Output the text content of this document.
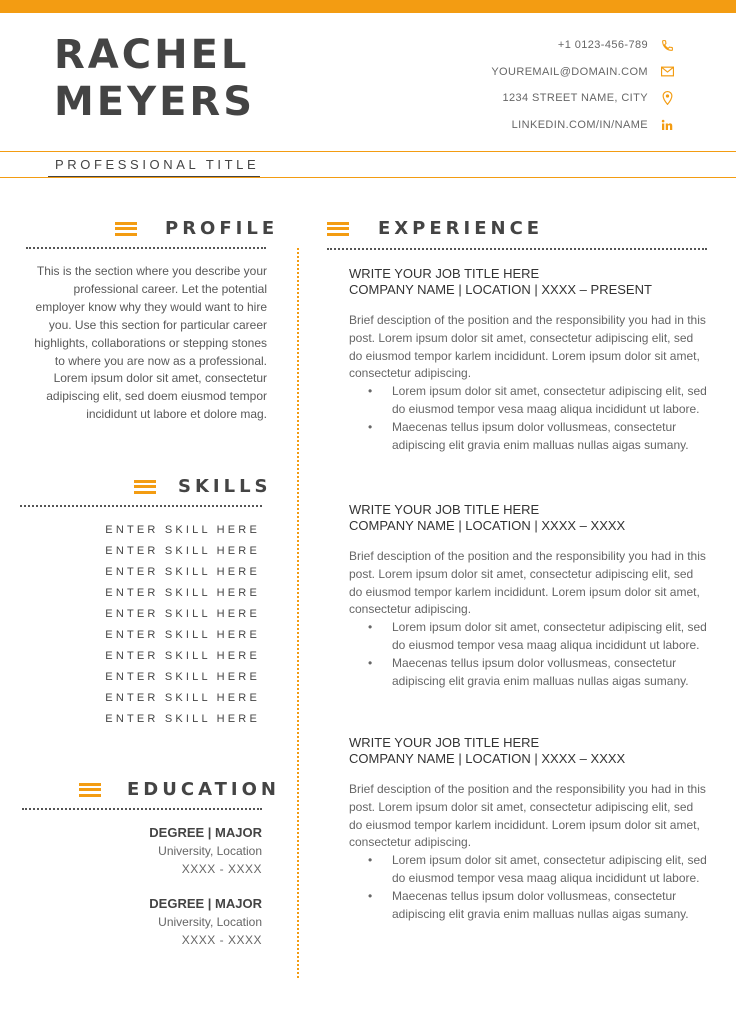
RACHEL
MEYERS
+1 0123-456-789
YOUREMAIL@DOMAIN.COM
1234 STREET NAME, CITY
LINKEDIN.COM/IN/NAME
PROFESSIONAL TITLE
PROFILE
This is the section where you describe your professional career. Let the potential employer know why they would want to hire you. Use this section for particular career highlights, collaborations or stepping stones to where you are now as a professional. Lorem ipsum dolor sit amet, consectetur adipiscing elit, sed doem eiusmod tempor incididunt ut labore et dolore mag.
SKILLS
ENTER SKILL HERE
ENTER SKILL HERE
ENTER SKILL HERE
ENTER SKILL HERE
ENTER SKILL HERE
ENTER SKILL HERE
ENTER SKILL HERE
ENTER SKILL HERE
ENTER SKILL HERE
ENTER SKILL HERE
EDUCATION
DEGREE | MAJOR
University, Location
XXXX - XXXX
DEGREE | MAJOR
University, Location
XXXX - XXXX
EXPERIENCE
WRITE YOUR JOB TITLE HERE
COMPANY NAME | LOCATION | XXXX – PRESENT
Brief desciption of the position and the responsibility you had in this post. Lorem ipsum dolor sit amet, consectetur adipiscing elit, sed do eiusmod tempor karlem incididunt. Lorem ipsum dolor sit amet, consectetur adipiscing.
• Lorem ipsum dolor sit amet, consectetur adipiscing elit, sed do eiusmod tempor vesa maag aliqua incididunt ut labore.
• Maecenas tellus ipsum dolor vollusmeas, consectetur adipiscing elit gravia enim malluas nullas aigas sumany.
WRITE YOUR JOB TITLE HERE
COMPANY NAME | LOCATION | XXXX – XXXX
Brief desciption of the position and the responsibility you had in this post. Lorem ipsum dolor sit amet, consectetur adipiscing elit, sed do eiusmod tempor karlem incididunt. Lorem ipsum dolor sit amet, consectetur adipiscing.
• Lorem ipsum dolor sit amet, consectetur adipiscing elit, sed do eiusmod tempor vesa maag aliqua incididunt ut labore.
• Maecenas tellus ipsum dolor vollusmeas, consectetur adipiscing elit gravia enim malluas nullas aigas sumany.
WRITE YOUR JOB TITLE HERE
COMPANY NAME | LOCATION | XXXX – XXXX
Brief desciption of the position and the responsibility you had in this post. Lorem ipsum dolor sit amet, consectetur adipiscing elit, sed do eiusmod tempor karlem incididunt. Lorem ipsum dolor sit amet, consectetur adipiscing.
• Lorem ipsum dolor sit amet, consectetur adipiscing elit, sed do eiusmod tempor vesa maag aliqua incididunt ut labore.
• Maecenas tellus ipsum dolor vollusmeas, consectetur adipiscing elit gravia enim malluas nullas aigas sumany.
